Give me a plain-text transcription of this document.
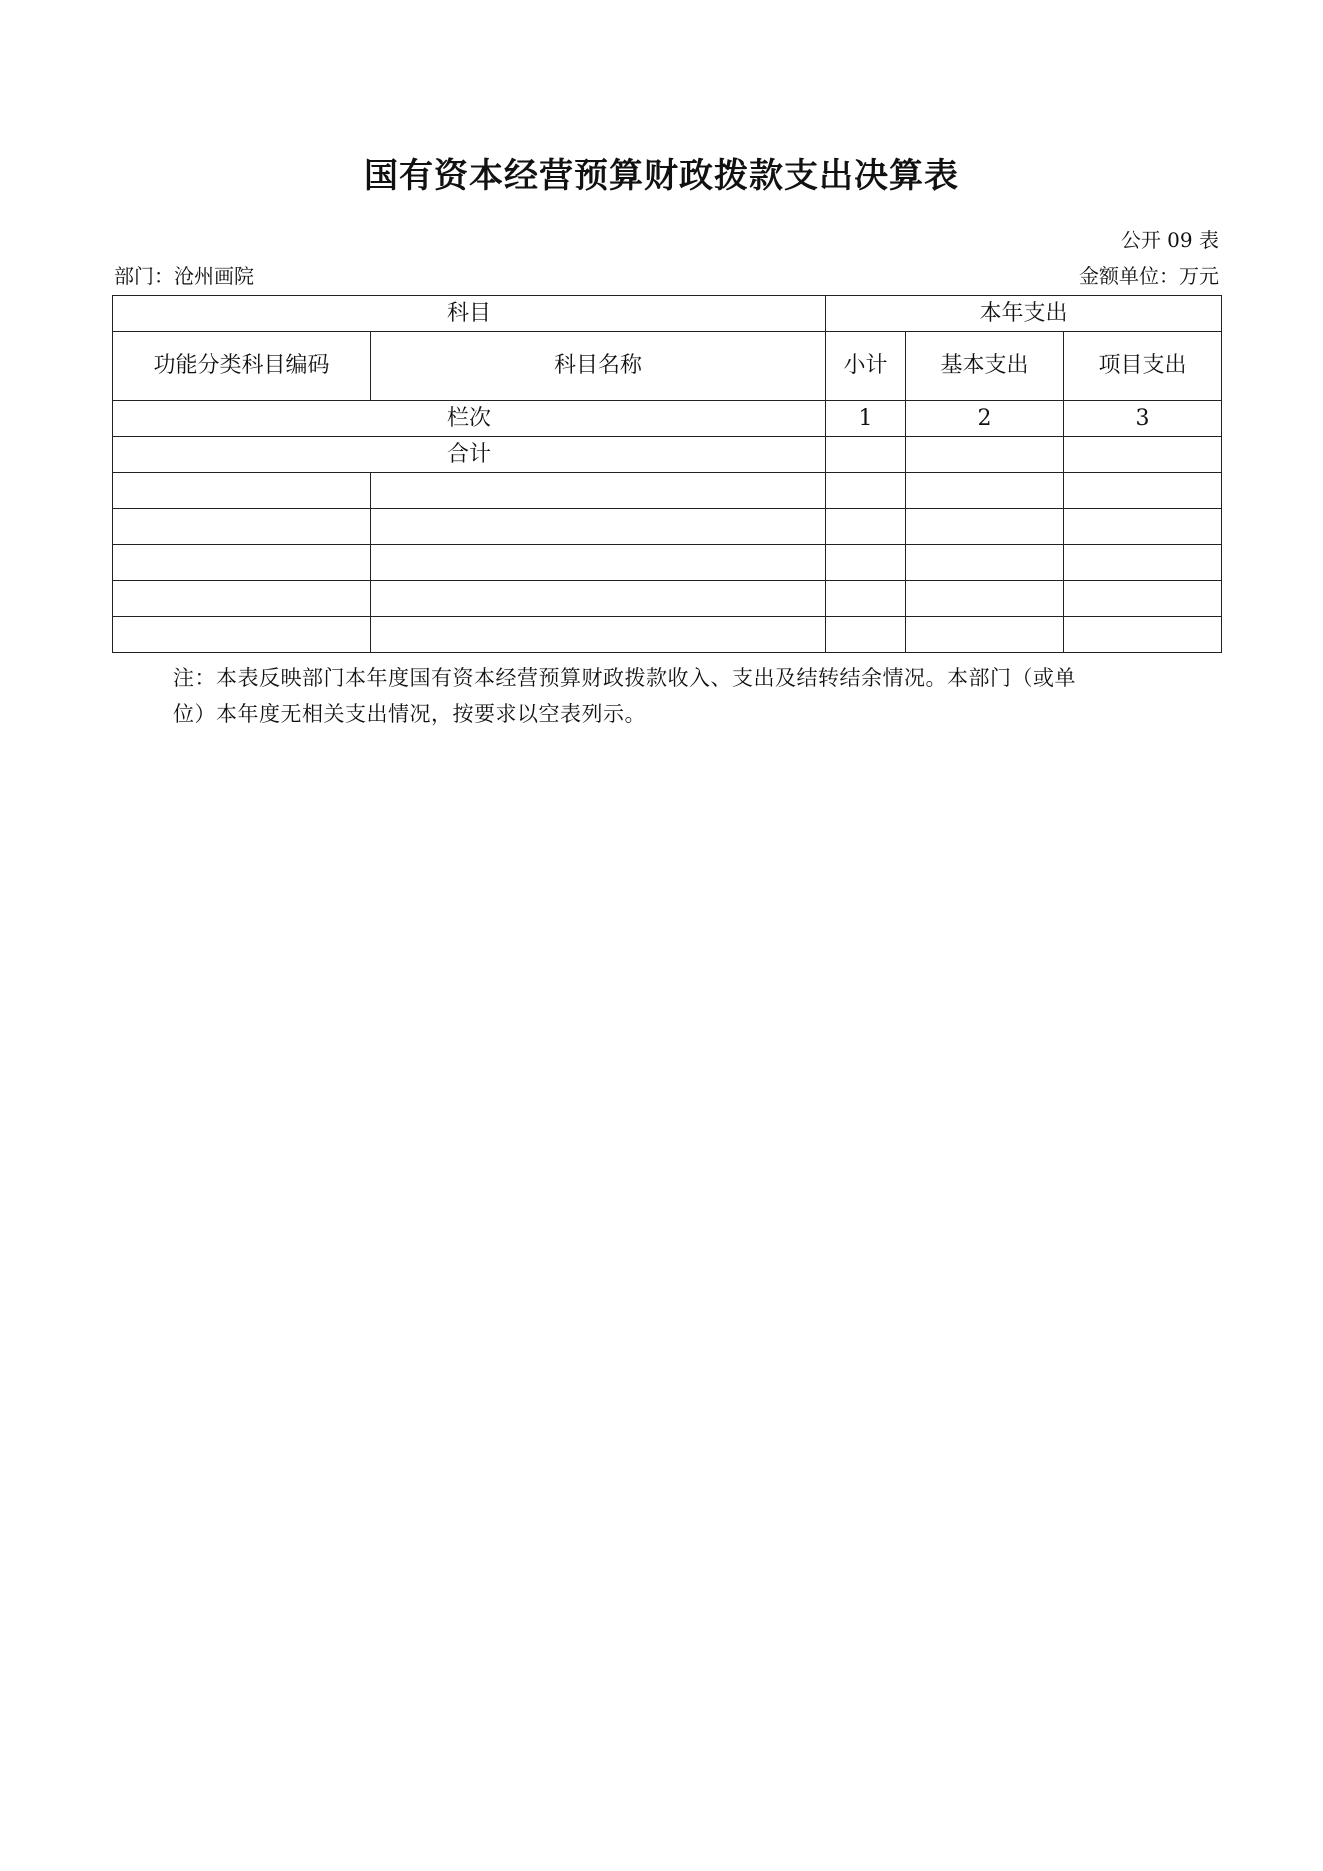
国有资本经营预算财政拨款支出决算表
公开 09 表
部门：沧州画院	金额单位：万元
科目		本年支出		
功能分类科目编码	科目名称	小计	基本支出	项目支出
栏次		1	2	3
合计				

注：本表反映部门本年度国有资本经营预算财政拨款收入、支出及结转结余情况。本部门（或单
位）本年度无相关支出情况，按要求以空表列示。
